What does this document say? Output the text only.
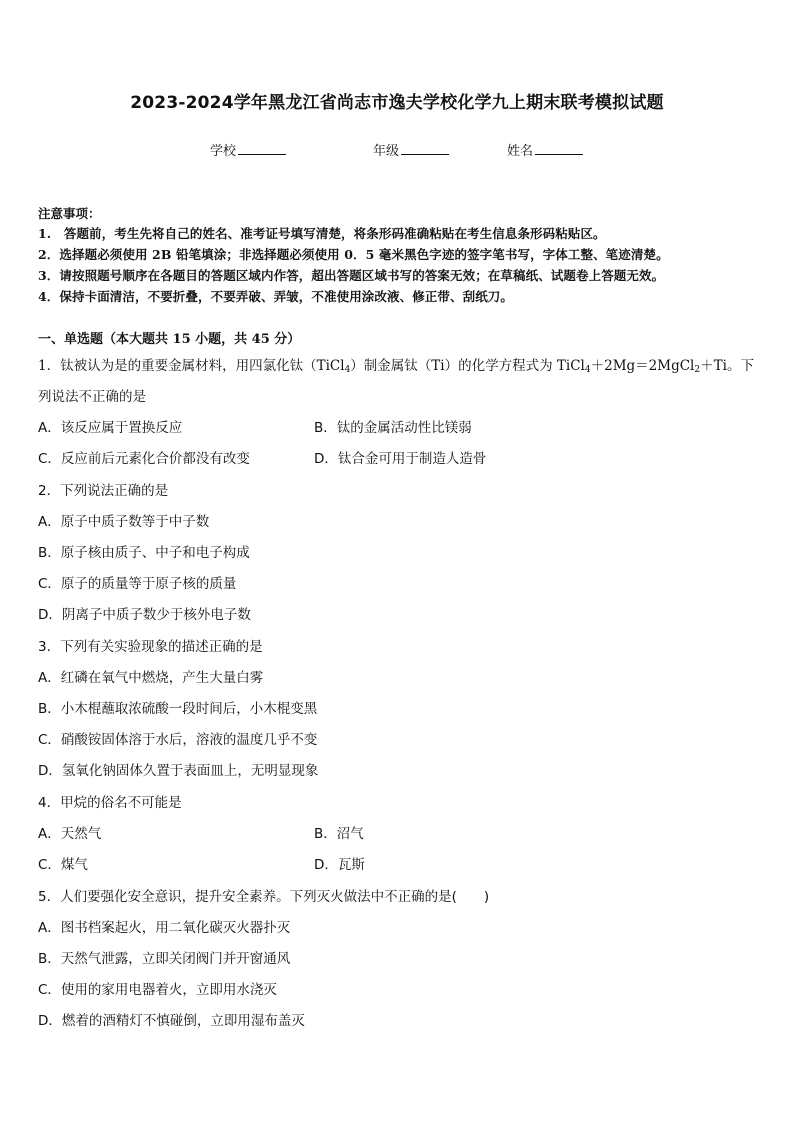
2023-2024学年黑龙江省尚志市逸夫学校化学九上期末联考模拟试题
学校	年级	姓名
注意事项：
1.　答题前，考生先将自己的姓名、准考证号填写清楚，将条形码准确粘贴在考生信息条形码粘贴区。
2．选择题必须使用 2B 铅笔填涂；非选择题必须使用 0．5 毫米黑色字迹的签字笔书写，字体工整、笔迹清楚。
3．请按照题号顺序在各题目的答题区域内作答，超出答题区域书写的答案无效；在草稿纸、试题卷上答题无效。
4．保持卡面清洁，不要折叠，不要弄破、弄皱，不准使用涂改液、修正带、刮纸刀。
一、单选题（本大题共 15 小题，共 45 分）
1．钛被认为是的重要金属材料，用四氯化钛（TiCl$_4$）制金属钛（Ti）的化学方程式为 TiCl$_4$＋2Mg＝2MgCl$_2$＋Ti。下
列说法不正确的是
A．该反应属于置换反应	B．钛的金属活动性比镁弱
C．反应前后元素化合价都没有改变	D．钛合金可用于制造人造骨
2．下列说法正确的是
A．原子中质子数等于中子数
B．原子核由质子、中子和电子构成
C．原子的质量等于原子核的质量
D．阴离子中质子数少于核外电子数
3．下列有关实验现象的描述正确的是
A．红磷在氧气中燃烧，产生大量白雾
B．小木棍蘸取浓硫酸一段时间后，小木棍变黑
C．硝酸铵固体溶于水后，溶液的温度几乎不变
D．氢氧化钠固体久置于表面皿上，无明显现象
4．甲烷的俗名不可能是
A．天然气	B．沼气
C．煤气	D．瓦斯
5．人们要强化安全意识，提升安全素养。下列灭火做法中不正确的是(　　)
A．图书档案起火，用二氧化碳灭火器扑灭
B．天然气泄露，立即关闭阀门并开窗通风
C．使用的家用电器着火，立即用水浇灭
D．燃着的酒精灯不慎碰倒，立即用湿布盖灭
